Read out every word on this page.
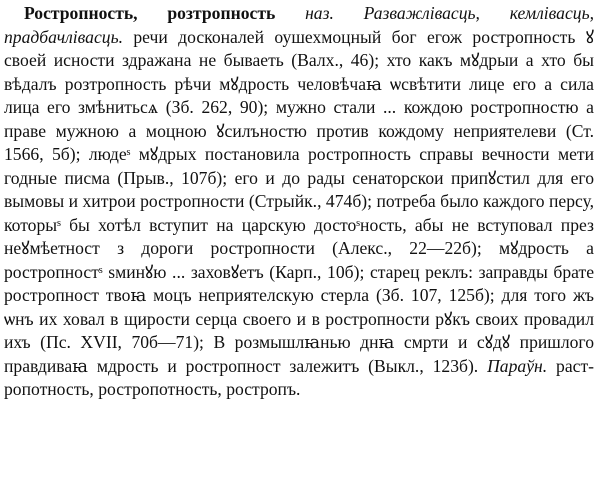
Ростропность, розтропность наз. Разважлівасць, кемлівасць, прадбачлівасць. речи досконалей оушехмоцный бог егож ростропность ꙋ своей исности здражана не бываеть (Валх., 46); хто какъ мꙋдрыи а хто бы вѣдалъ розтропность рѣчи мꙋдрость человѣчаꙗ ѡсвѣтити лице его а сила лица его змѣнитьсѧ (Зб. 262, 90); мужно стали ... кождою ростропностю а праве мужною а моцною ꙋсилъностю против кождому неприятелеви (Ст. 1566, 5б); людеˢ мꙋдрых постановила ростропность справы вечности мети годные писма (Прыв., 107б); его и до рады сенаторскои припꙋстил для его вымовы и хитрои ростропности (Стрыйк., 474б); потреба было каждого персу, которыˢ бы хотѣл вступит на царскую достоˢность, абы не вступовал през неꙋмѣетност з дороги ростропности (Алекс., 22—22б); мꙋдрость а ростропностˢ ѕминꙋю ... заховꙋетъ (Карп., 10б); старец реклъ: заправды брате ростропност твоꙗ моцъ неприятелскую стерла (Зб. 107, 125б); для того жъ ѡнъ их ховал в щирости серца своего и в ростропности рꙋкъ своих провадил ихъ (Пс. XVII, 70б—71); В розмышлꙗнью днꙗ смрти и сꙋдꙋ пришлого правдиваꙗ мдрость и ростропност залежитъ (Выкл., 123б). Параўн. растропотность, ростропотность, ростропъ.
